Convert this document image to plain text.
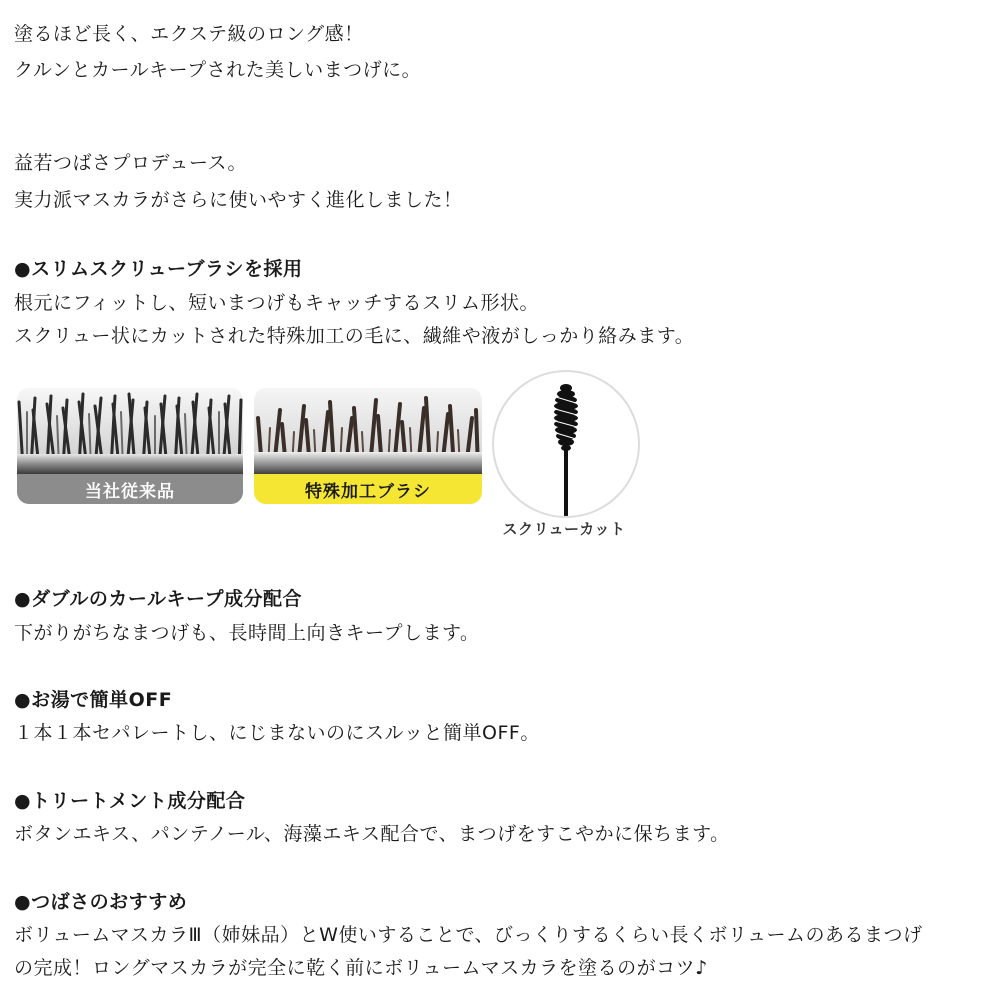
塗るほど長く、エクステ級のロング感！
クルンとカールキープされた美しいまつげに。
益若つばさプロデュース。
実力派マスカラがさらに使いやすく進化しました！
●スリムスクリューブラシを採用
根元にフィットし、短いまつげもキャッチするスリム形状。
スクリュー状にカットされた特殊加工の毛に、繊維や液がしっかり絡みます。
当社従来品	特殊加工ブラシ
スクリューカット
●ダブルのカールキープ成分配合
下がりがちなまつげも、長時間上向きキープします。
●お湯で簡単OFF
１本１本セパレートし、にじまないのにスルッと簡単OFF。
●トリートメント成分配合
ボタンエキス、パンテノール、海藻エキス配合で、まつげをすこやかに保ちます。
●つばさのおすすめ
ボリュームマスカラⅢ（姉妹品）とW使いすることで、びっくりするくらい長くボリュームのあるまつげ
の完成！ロングマスカラが完全に乾く前にボリュームマスカラを塗るのがコツ♪
